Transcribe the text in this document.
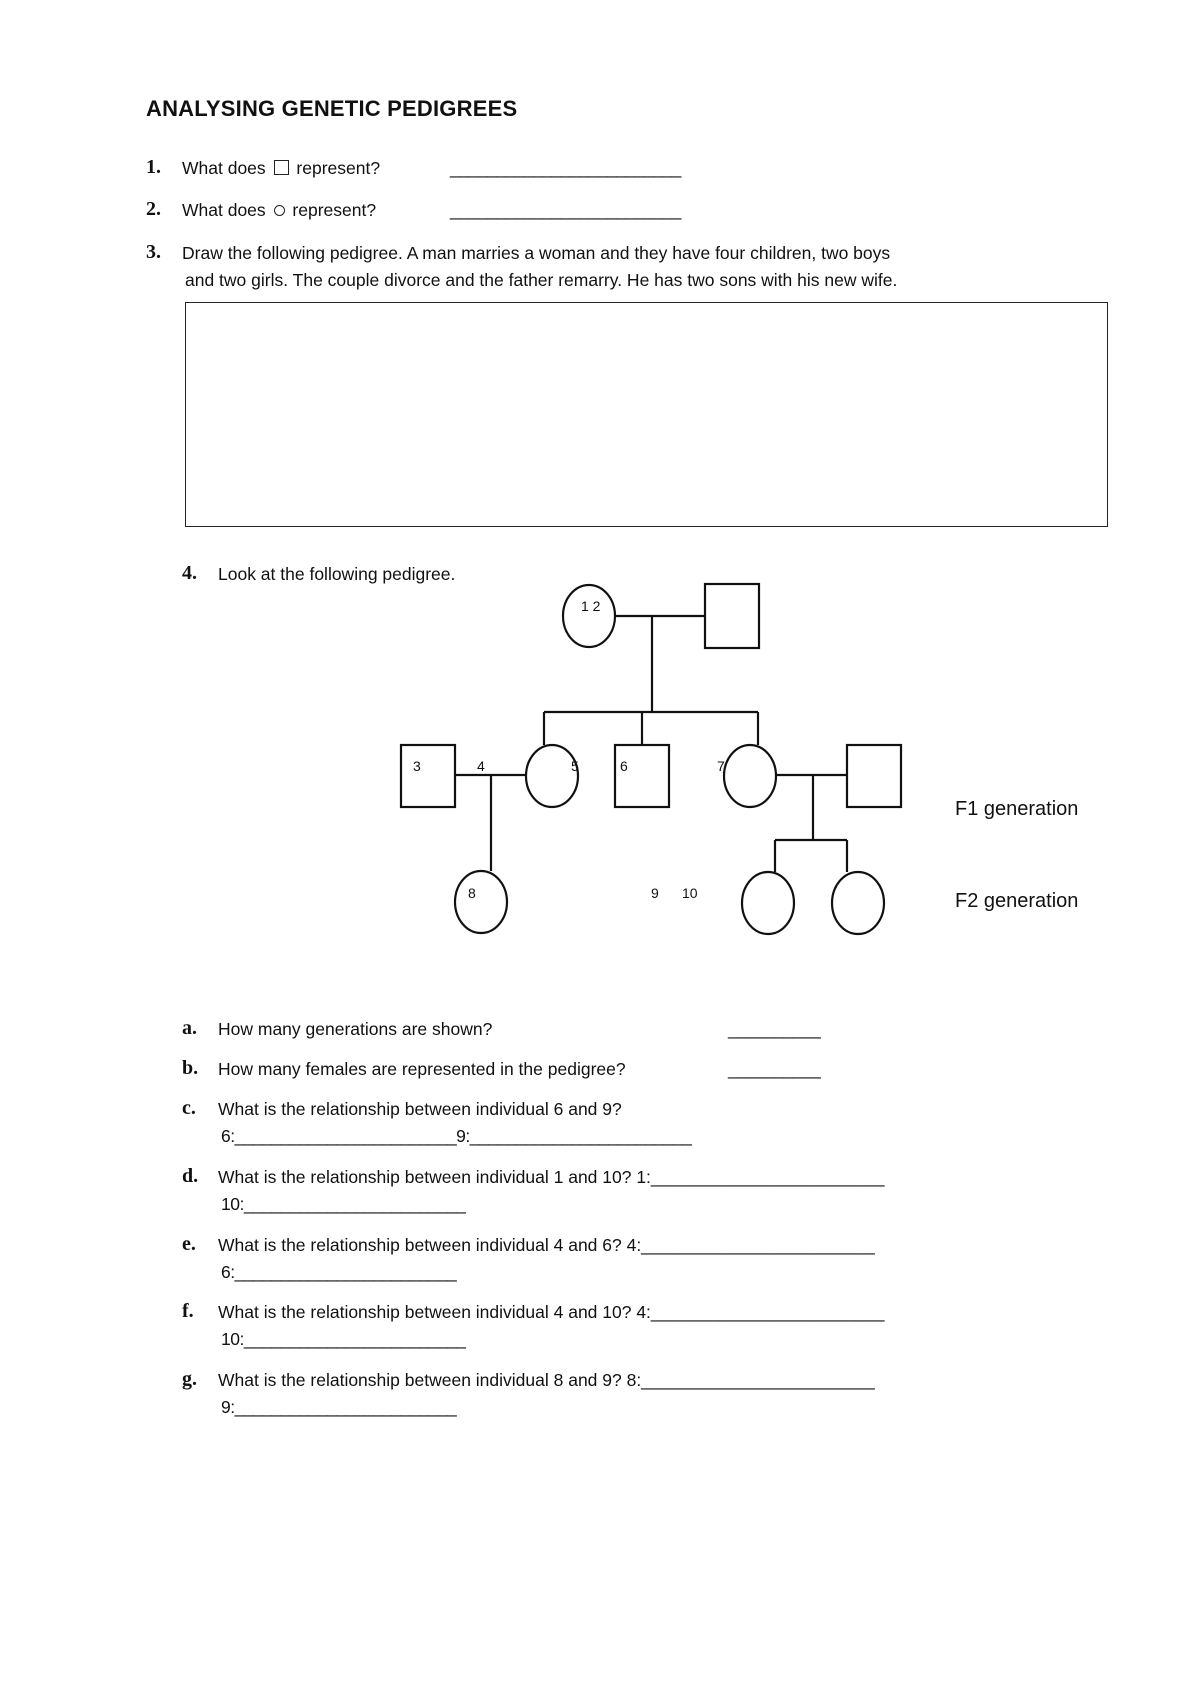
ANALYSING GENETIC PEDIGREES
1. What does represent?	_________________________
2. What does represent?	_________________________
3. Draw the following pedigree. A man marries a woman and they have four children, two boys
and two girls. The couple divorce and the father remarry. He has two sons with his new wife.
4. Look at the following pedigree.
1 2
3	4	5	6	7
8	9 10
F1 generation
F2 generation
a. How many generations are shown?	__________
b. How many females are represented in the pedigree?	__________
c. What is the relationship between individual 6 and 9?
6:________________________9:________________________
d. What is the relationship between individual 1 and 10? 1:________________________
10:________________________
e. What is the relationship between individual 4 and 6? 4:________________________
6:________________________
f. What is the relationship between individual 4 and 10? 4:________________________
10:________________________
g. What is the relationship between individual 8 and 9? 8:________________________
9:________________________
